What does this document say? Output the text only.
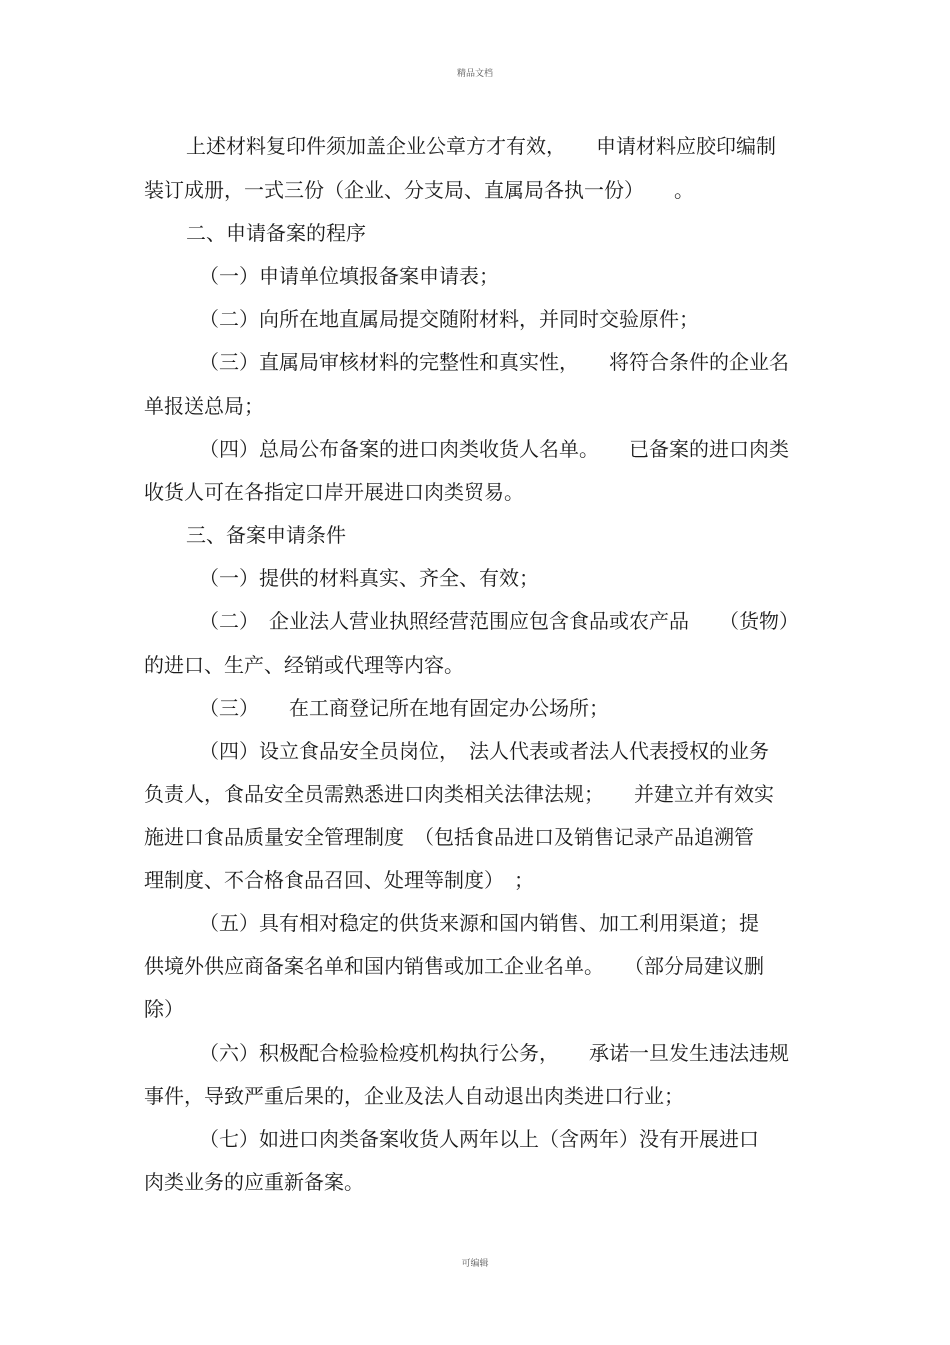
精品文档

上述材料复印件须加盖企业公章方才有效，　　申请材料应胶印编制

装订成册，一式三份（企业、分支局、直属局各执一份）　　。

二、申请备案的程序

（一）申请单位填报备案申请表；

（二）向所在地直属局提交随附材料，并同时交验原件；

（三）直属局审核材料的完整性和真实性，　　将符合条件的企业名

单报送总局；

（四）总局公布备案的进口肉类收货人名单。　　已备案的进口肉类

收货人可在各指定口岸开展进口肉类贸易。

三、备案申请条件

（一）提供的材料真实、齐全、有效；

（二）　企业法人营业执照经营范围应包含食品或农产品　　（货物）

的进口、生产、经销或代理等内容。

（三）　　在工商登记所在地有固定办公场所；

（四）设立食品安全员岗位，　法人代表或者法人代表授权的业务

负责人，食品安全员需熟悉进口肉类相关法律法规；　　并建立并有效实

施进口食品质量安全管理制度　（包括食品进口及销售记录产品追溯管

理制度、不合格食品召回、处理等制度）　；

（五）具有相对稳定的供货来源和国内销售、加工利用渠道；提

供境外供应商备案名单和国内销售或加工企业名单。　　（部分局建议删

除）

（六）积极配合检验检疫机构执行公务，　　承诺一旦发生违法违规

事件，导致严重后果的，企业及法人自动退出肉类进口行业；

（七）如进口肉类备案收货人两年以上（含两年）没有开展进口

肉类业务的应重新备案。

可编辑
